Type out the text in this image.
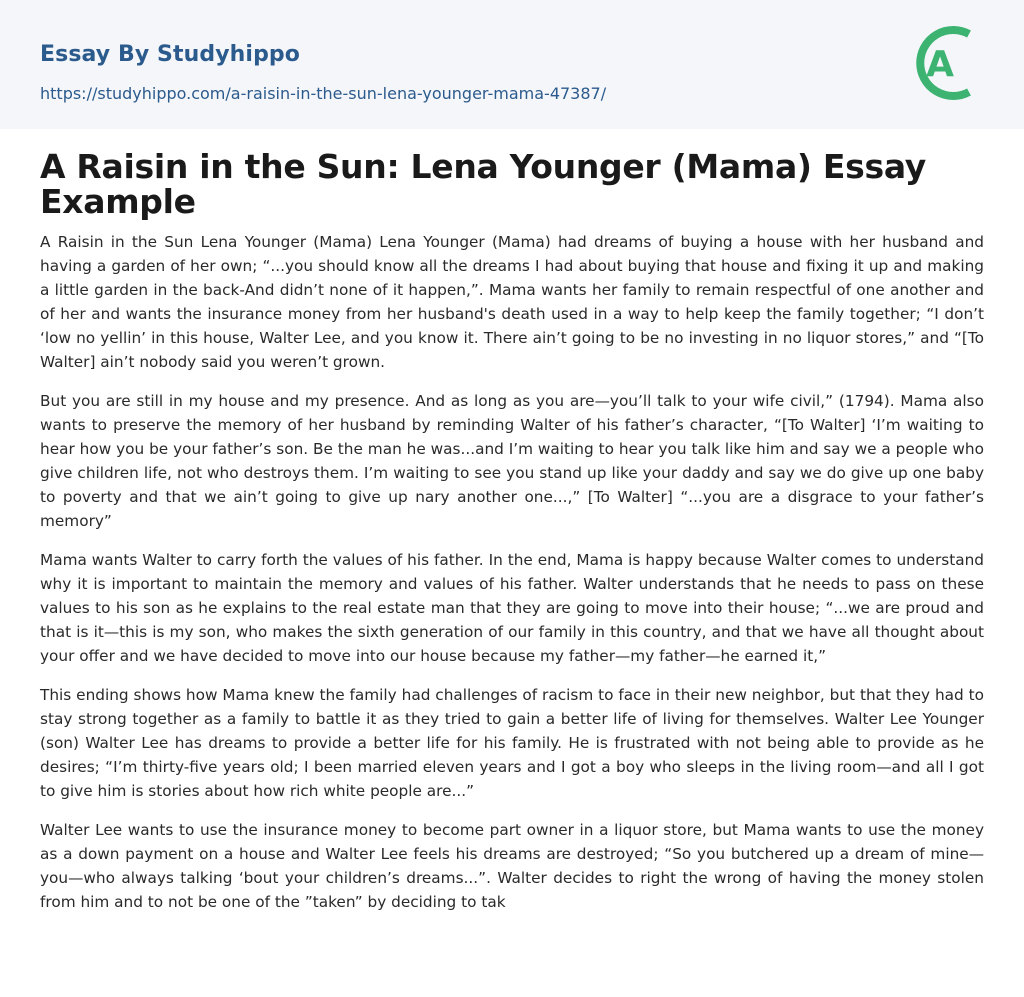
Essay By Studyhippo
https://studyhippo.com/a-raisin-in-the-sun-lena-younger-mama-47387/
A
A Raisin in the Sun: Lena Younger (Mama) Essay Example

A Raisin in the Sun Lena Younger (Mama) Lena Younger (Mama) had dreams of buying a house with her husband and having a garden of her own; “...you should know all the dreams I had about buying that house and fixing it up and making a little garden in the back-And didn’t none of it happen,”. Mama wants her family to remain respectful of one another and of her and wants the insurance money from her husband's death used in a way to help keep the family together; “I don’t ‘low no yellin’ in this house, Walter Lee, and you know it. There ain’t going to be no investing in no liquor stores,” and “[To Walter] ain’t nobody said you weren’t grown.

But you are still in my house and my presence. And as long as you are—you’ll talk to your wife civil,” (1794). Mama also wants to preserve the memory of her husband by reminding Walter of his father’s character, “[To Walter] ‘I’m waiting to hear how you be your father’s son. Be the man he was...and I’m waiting to hear you talk like him and say we a people who give children life, not who destroys them. I’m waiting to see you stand up like your daddy and say we do give up one baby to poverty and that we ain’t going to give up nary another one...,” [To Walter] “...you are a disgrace to your father’s memory”

Mama wants Walter to carry forth the values of his father. In the end, Mama is happy because Walter comes to understand why it is important to maintain the memory and values of his father. Walter understands that he needs to pass on these values to his son as he explains to the real estate man that they are going to move into their house; “...we are proud and that is it—this is my son, who makes the sixth generation of our family in this country, and that we have all thought about your offer and we have decided to move into our house because my father—my father—he earned it,”

This ending shows how Mama knew the family had challenges of racism to face in their new neighbor, but that they had to stay strong together as a family to battle it as they tried to gain a better life of living for themselves. Walter Lee Younger (son) Walter Lee has dreams to provide a better life for his family. He is frustrated with not being able to provide as he desires; “I’m thirty-five years old; I been married eleven years and I got a boy who sleeps in the living room—and all I got to give him is stories about how rich white people are...”

Walter Lee wants to use the insurance money to become part owner in a liquor store, but Mama wants to use the money as a down payment on a house and Walter Lee feels his dreams are destroyed; “So you butchered up a dream of mine—you—who always talking ‘bout your children’s dreams...”. Walter decides to right the wrong of having the money stolen from him and to not be one of the ”taken” by deciding to tak
